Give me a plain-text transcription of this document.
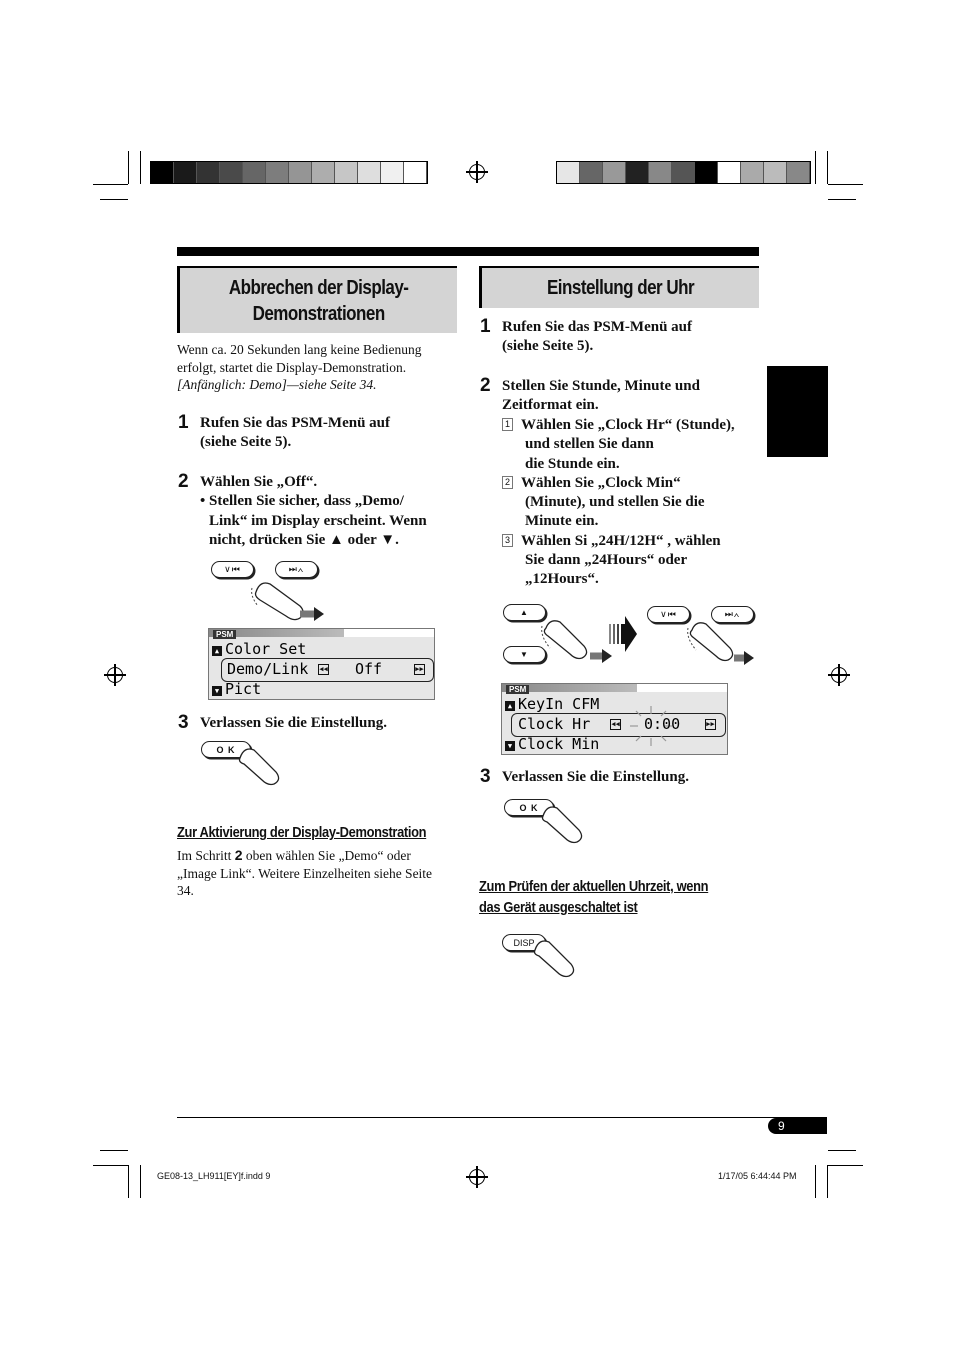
Abbrechen der Display-
Demonstrationen
Wenn ca. 20 Sekunden lang keine Bedienung
erfolgt, startet die Display-Demonstration.
[Anfänglich: Demo]—siehe Seite 34.
1 Rufen Sie das PSM-Menü auf
(siehe Seite 5).
2 Wählen Sie „Off“.
• Stellen Sie sicher, dass „Demo/
Link“ im Display erscheint. Wenn
nicht, drücken Sie ▲ oder ▼.
∨⏮	⏭∧
PSM
▲ Color Set
Demo/Link ◀◀ Off	▶▶
▼ Pict
3 Verlassen Sie die Einstellung.
O K
Zur Aktivierung der Display-Demonstration
Im Schritt 2 oben wählen Sie „Demo“ oder
„Image Link“. Weitere Einzelheiten siehe Seite
34.
Einstellung der Uhr
1 Rufen Sie das PSM-Menü auf
(siehe Seite 5).
2 Stellen Sie Stunde, Minute und
Zeitformat ein.
1 Wählen Sie „Clock Hr“ (Stunde),
und stellen Sie dann
die Stunde ein.
2 Wählen Sie „Clock Min“
(Minute), und stellen Sie die
Minute ein.
3 Wählen Si „24H/12H“ , wählen
Sie dann „24Hours“ oder
„12Hours“.
▲
▼
∨⏮	⏭∧
PSM
▲ KeyIn CFM
Clock Hr	◀◀ 0:00	▶▶
▼ Clock Min
3 Verlassen Sie die Einstellung.
O K
Zum Prüfen der aktuellen Uhrzeit, wenn
das Gerät ausgeschaltet ist
DISP
DEUTSCH
9
GE08-13_LH911[EY]f.indd 9	1/17/05 6:44:44 PM
